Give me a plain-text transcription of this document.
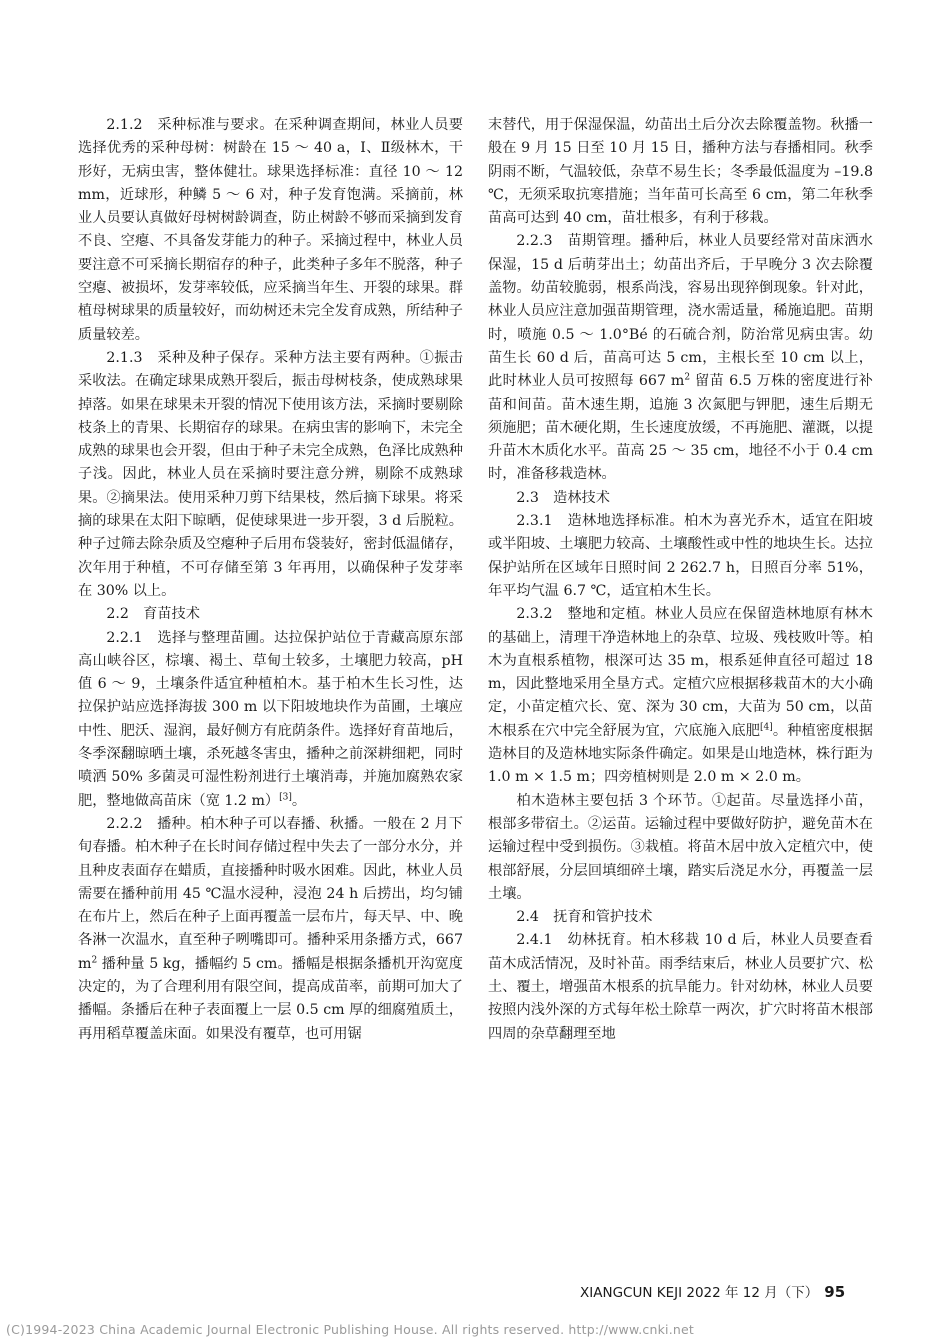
2.1.2　采种标准与要求。在采种调查期间，林业人员要选择优秀的采种母树：树龄在 15 ～ 40 a，Ⅰ、Ⅱ级林木，干形好，无病虫害，整体健壮。球果选择标准：直径 10 ～ 12 mm，近球形，种鳞 5 ～ 6 对，种子发育饱满。采摘前，林业人员要认真做好母树树龄调查，防止树龄不够而采摘到发育不良、空瘪、不具备发芽能力的种子。采摘过程中，林业人员要注意不可采摘长期宿存的种子，此类种子多年不脱落，种子空瘪、被损坏，发芽率较低，应采摘当年生、开裂的球果。群植母树球果的质量较好，而幼树还未完全发育成熟，所结种子质量较差。

2.1.3　采种及种子保存。采种方法主要有两种。①振击采收法。在确定球果成熟开裂后，振击母树枝条，使成熟球果掉落。如果在球果未开裂的情况下使用该方法，采摘时要剔除枝条上的青果、长期宿存的球果。在病虫害的影响下，未完全成熟的球果也会开裂，但由于种子未完全成熟，色泽比成熟种子浅。因此，林业人员在采摘时要注意分辨，剔除不成熟球果。②摘果法。使用采种刀剪下结果枝，然后摘下球果。将采摘的球果在太阳下晾晒，促使球果进一步开裂，3 d 后脱粒。种子过筛去除杂质及空瘪种子后用布袋装好，密封低温储存，次年用于种植，不可存储至第 3 年再用，以确保种子发芽率在 30% 以上。

2.2　育苗技术

2.2.1　选择与整理苗圃。达拉保护站位于青藏高原东部高山峡谷区，棕壤、褐土、草甸土较多，土壤肥力较高，pH 值 6 ～ 9，土壤条件适宜种植柏木。基于柏木生长习性，达拉保护站应选择海拔 300 m 以下阳坡地块作为苗圃，土壤应中性、肥沃、湿润，最好侧方有庇荫条件。选择好育苗地后，冬季深翻晾晒土壤，杀死越冬害虫，播种之前深耕细耙，同时喷洒 50% 多菌灵可湿性粉剂进行土壤消毒，并施加腐熟农家肥，整地做高苗床（宽 1.2 m）[3]。

2.2.2　播种。柏木种子可以春播、秋播。一般在 2 月下旬春播。柏木种子在长时间存储过程中失去了一部分水分，并且种皮表面存在蜡质，直接播种时吸水困难。因此，林业人员需要在播种前用 45 ℃温水浸种，浸泡 24 h 后捞出，均匀铺在布片上，然后在种子上面再覆盖一层布片，每天早、中、晚各淋一次温水，直至种子咧嘴即可。播种采用条播方式，667 $m^2$ 播种量 5 kg，播幅约 5 cm。播幅是根据条播机开沟宽度决定的，为了合理利用有限空间，提高成苗率，前期可加大了播幅。条播后在种子表面覆上一层 0.5 cm 厚的细腐殖质土，再用稻草覆盖床面。如果没有覆草，也可用锯

末替代，用于保湿保温，幼苗出土后分次去除覆盖物。秋播一般在 9 月 15 日至 10 月 15 日，播种方法与春播相同。秋季阴雨不断，气温较低，杂草不易生长；冬季最低温度为 –19.8 ℃，无须采取抗寒措施；当年苗可长高至 6 cm，第二年秋季苗高可达到 40 cm，苗壮根多，有利于移栽。

2.2.3　苗期管理。播种后，林业人员要经常对苗床洒水保湿，15 d 后萌芽出土；幼苗出齐后，于早晚分 3 次去除覆盖物。幼苗较脆弱，根系尚浅，容易出现猝倒现象。针对此，林业人员应注意加强苗期管理，浇水需适量，稀施追肥。苗期时，喷施 0.5 ～ 1.0°Bé 的石硫合剂，防治常见病虫害。幼苗生长 60 d 后，苗高可达 5 cm，主根长至 10 cm 以上，此时林业人员可按照每 667 $m^2$ 留苗 6.5 万株的密度进行补苗和间苗。苗木速生期，追施 3 次氮肥与钾肥，速生后期无须施肥；苗木硬化期，生长速度放缓，不再施肥、灌溉，以提升苗木木质化水平。苗高 25 ～ 35 cm，地径不小于 0.4 cm 时，准备移栽造林。

2.3　造林技术

2.3.1　造林地选择标准。柏木为喜光乔木，适宜在阳坡或半阳坡、土壤肥力较高、土壤酸性或中性的地块生长。达拉保护站所在区域年日照时间 2 262.7 h，日照百分率 51%，年平均气温 6.7 ℃，适宜柏木生长。

2.3.2　整地和定植。林业人员应在保留造林地原有林木的基础上，清理干净造林地上的杂草、垃圾、残枝败叶等。柏木为直根系植物，根深可达 35 m，根系延伸直径可超过 18 m，因此整地采用全垦方式。定植穴应根据移栽苗木的大小确定，小苗定植穴长、宽、深为 30 cm，大苗为 50 cm，以苗木根系在穴中完全舒展为宜，穴底施入底肥[4]。种植密度根据造林目的及造林地实际条件确定。如果是山地造林，株行距为 1.0 m × 1.5 m；四旁植树则是 2.0 m × 2.0 m。

柏木造林主要包括 3 个环节。①起苗。尽量选择小苗，根部多带宿土。②运苗。运输过程中要做好防护，避免苗木在运输过程中受到损伤。③栽植。将苗木居中放入定植穴中，使根部舒展，分层回填细碎土壤，踏实后浇足水分，再覆盖一层土壤。

2.4　抚育和管护技术

2.4.1　幼林抚育。柏木移栽 10 d 后，林业人员要查看苗木成活情况，及时补苗。雨季结束后，林业人员要扩穴、松土、覆土，增强苗木根系的抗旱能力。针对幼林，林业人员要按照内浅外深的方式每年松土除草一两次，扩穴时将苗木根部四周的杂草翻理至地

XIANGCUN KEJI 2022 年 12 月（下） 95
(C)1994-2023 China Academic Journal Electronic Publishing House. All rights reserved. http://www.cnki.net
